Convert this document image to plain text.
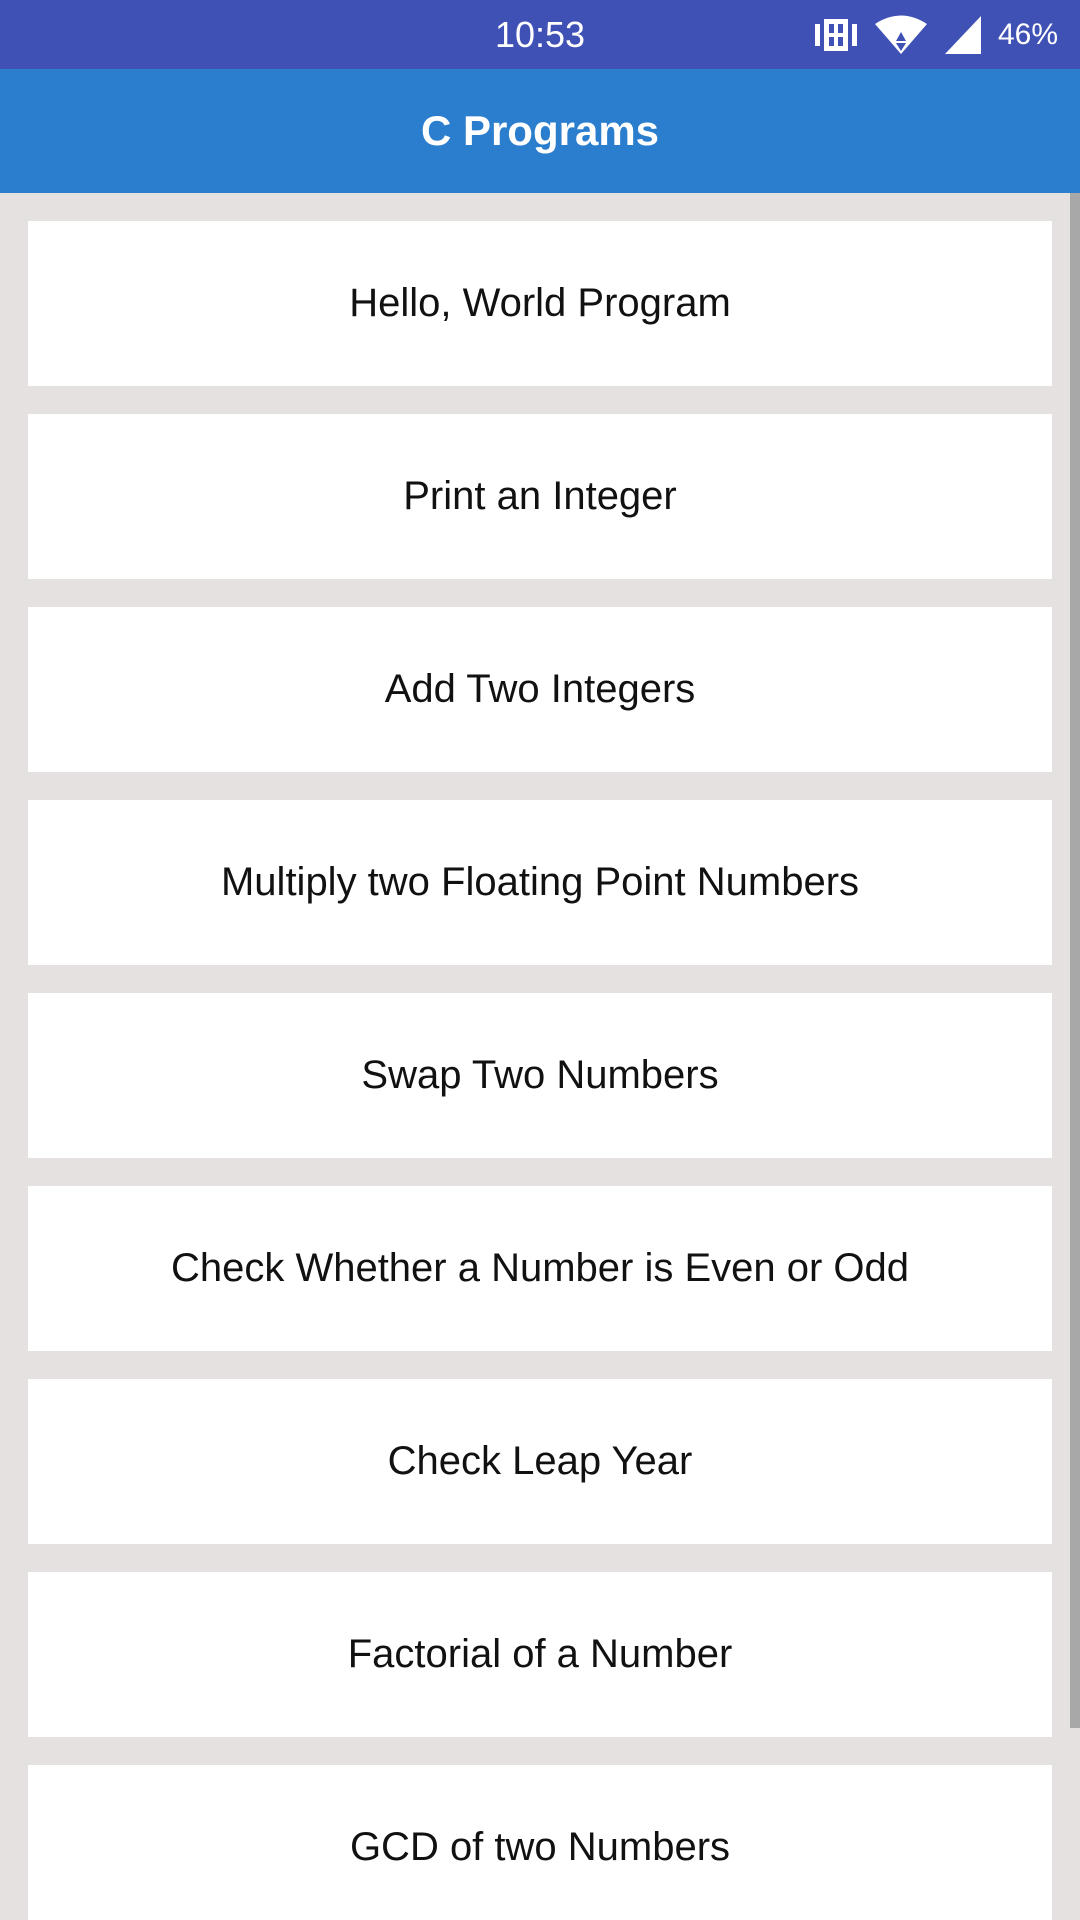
10:53	46%
C Programs
Hello, World Program
Print an Integer
Add Two Integers
Multiply two Floating Point Numbers
Swap Two Numbers
Check Whether a Number is Even or Odd
Check Leap Year
Factorial of a Number
GCD of two Numbers
